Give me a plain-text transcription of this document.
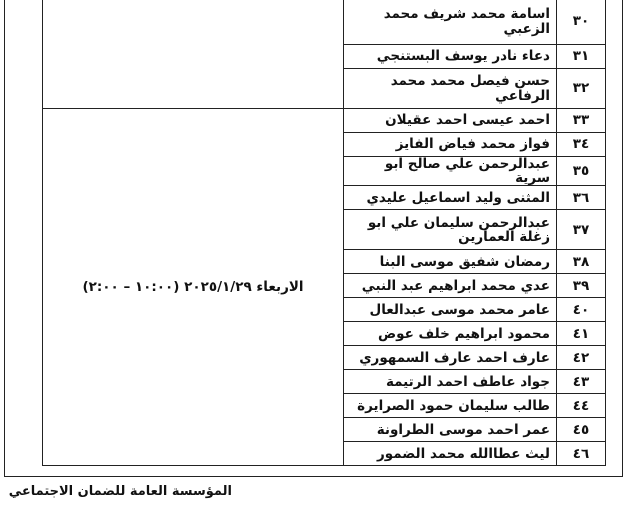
٣٠	اسامة محمد شريف محمد الزعبي	
٣١	دعاء نادر يوسف البستنجي	
٣٢	حسن فيصل محمد محمد الرفاعي	
٣٣	احمد عيسى احمد عقيلان	الاربعاء ٢٠٢٥/١/٢٩ (١٠:٠٠ – ٢:٠٠)
٣٤	فواز محمد فياض الفايز	
٣٥	عبدالرحمن علي صالح ابو سرية	
٣٦	المثنى وليد اسماعيل عليدي	
٣٧	عبدالرحمن سليمان علي ابو زغلة العمارين	
٣٨	رمضان شفيق موسى البنا	
٣٩	عدي محمد ابراهيم عبد النبي	
٤٠	عامر محمد موسى عبدالعال	
٤١	محمود ابراهيم خلف عوض	
٤٢	عارف احمد عارف السمهوري	
٤٣	جواد عاطف احمد الرتيمة	
٤٤	طالب سليمان حمود الصرايرة	
٤٥	عمر احمد موسى الطراونة	
٤٦	ليث عطاالله محمد الضمور	
المؤسسة العامة للضمان الاجتماعي
